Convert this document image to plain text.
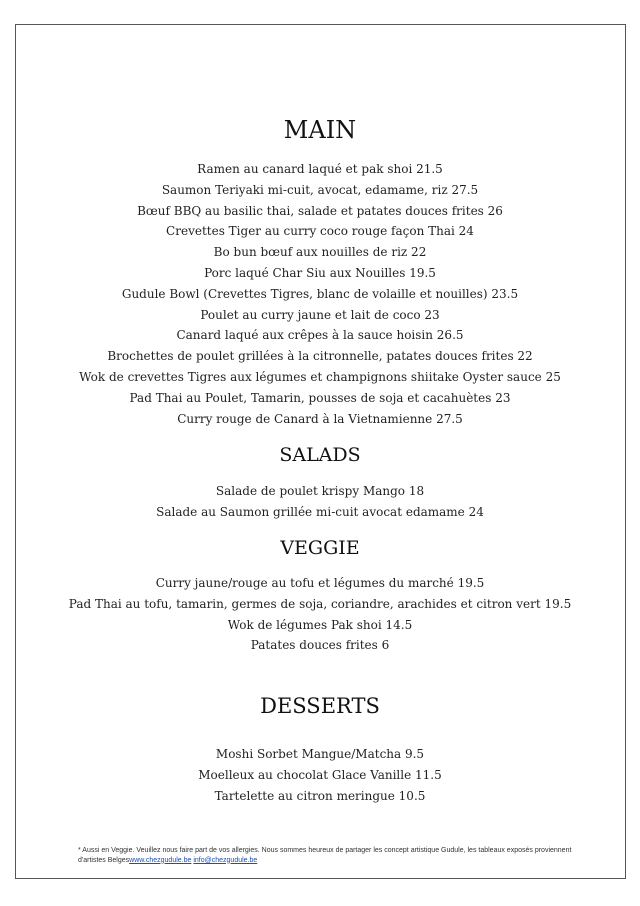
MAIN
Ramen au canard laqué et pak shoi 21.5
Saumon Teriyaki mi-cuit, avocat, edamame, riz 27.5
Bœuf BBQ au basilic thai, salade et patates douces frites 26
Crevettes Tiger au curry coco rouge façon Thai 24
Bo bun bœuf aux nouilles de riz 22
Porc laqué Char Siu aux Nouilles 19.5
Gudule Bowl (Crevettes Tigres, blanc de volaille et nouilles) 23.5
Poulet au curry jaune et lait de coco 23
Canard laqué aux crêpes à la sauce hoisin 26.5
Brochettes de poulet grillées à la citronnelle, patates douces frites 22
Wok de crevettes Tigres aux légumes et champignons shiitake Oyster sauce 25
Pad Thai au Poulet, Tamarin, pousses de soja et cacahuètes 23
Curry rouge de Canard à la Vietnamienne 27.5
SALADS
Salade de poulet krispy Mango 18
Salade au Saumon grillée mi-cuit avocat edamame 24
VEGGIE
Curry jaune/rouge au tofu et légumes du marché 19.5
Pad Thai au tofu, tamarin, germes de soja, coriandre, arachides et citron vert 19.5
Wok de légumes Pak shoi 14.5
Patates douces frites 6
DESSERTS
Moshi Sorbet Mangue/Matcha 9.5
Moelleux au chocolat Glace Vanille 11.5
Tartelette au citron meringue 10.5
* Aussi en Veggie. Veuillez nous faire part de vos allergies. Nous sommes heureux de partager les concept artistique Gudule, les tableaux exposés proviennent d'artistes Belgeswww.chezgudule.be info@chezgudule.be
